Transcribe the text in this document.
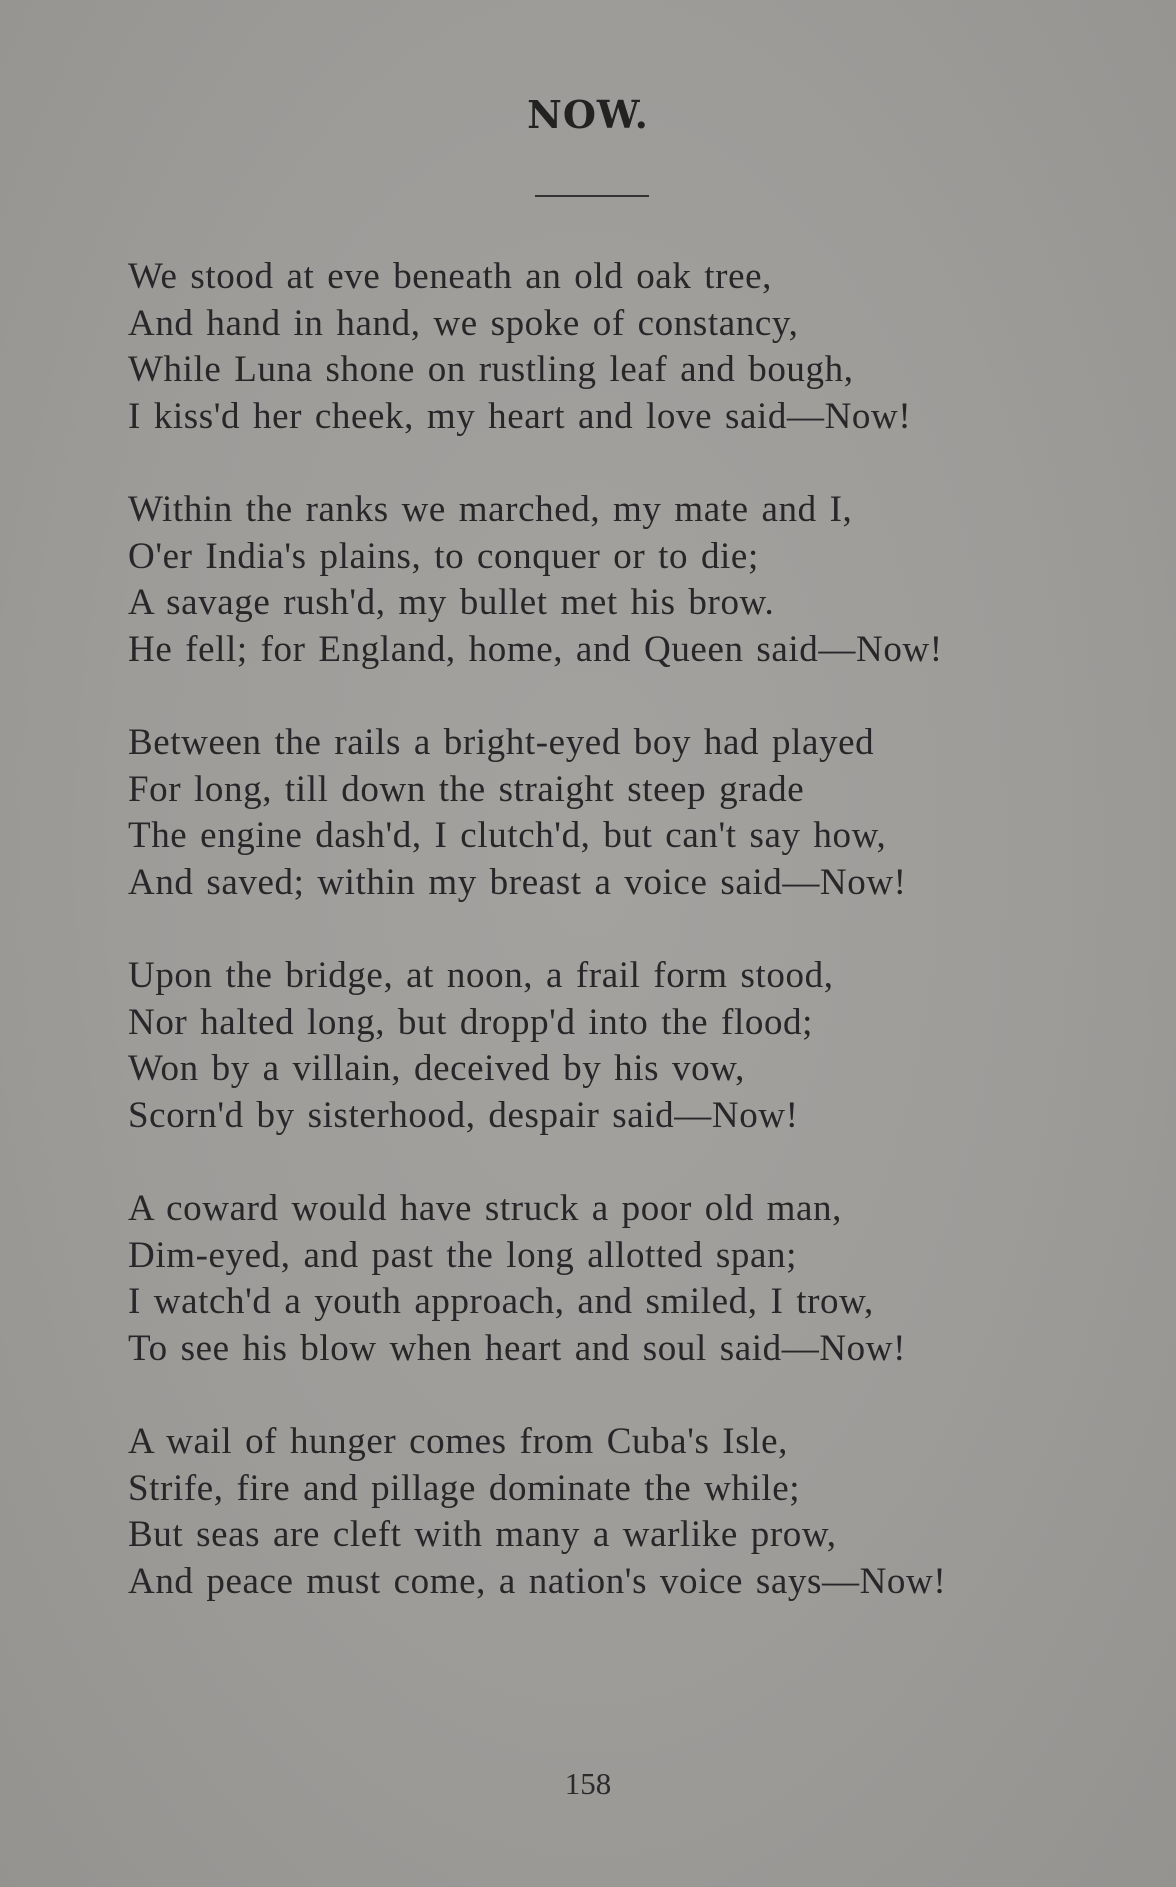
NOW.
We stood at eve beneath an old oak tree,
And hand in hand, we spoke of constancy,
While Luna shone on rustling leaf and bough,
I kiss'd her cheek, my heart and love said—Now!
Within the ranks we marched, my mate and I,
O'er India's plains, to conquer or to die;
A savage rush'd, my bullet met his brow.
He fell; for England, home, and Queen said—Now!
Between the rails a bright-eyed boy had played
For long, till down the straight steep grade
The engine dash'd, I clutch'd, but can't say how,
And saved; within my breast a voice said—Now!
Upon the bridge, at noon, a frail form stood,
Nor halted long, but dropp'd into the flood;
Won by a villain, deceived by his vow,
Scorn'd by sisterhood, despair said—Now!
A coward would have struck a poor old man,
Dim-eyed, and past the long allotted span;
I watch'd a youth approach, and smiled, I trow,
To see his blow when heart and soul said—Now!
A wail of hunger comes from Cuba's Isle,
Strife, fire and pillage dominate the while;
But seas are cleft with many a warlike prow,
And peace must come, a nation's voice says—Now!
158
